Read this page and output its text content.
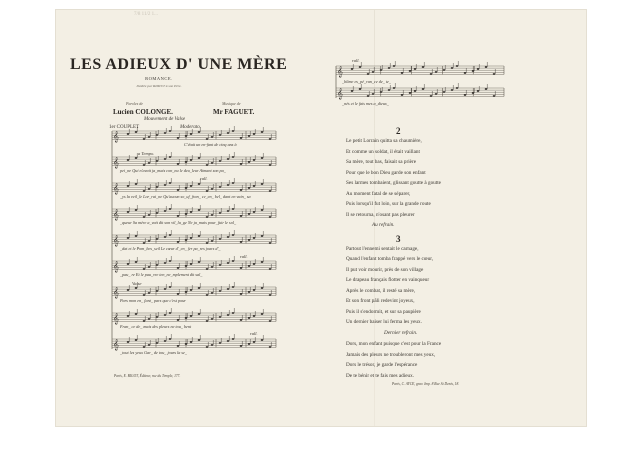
7/8 11/2 1...
LES ADIEUX D' UNE MÈRE
ROMANCE.
Dédiée par RIMIUT à son Père.
Paroles de
Lucien COLONGE.
Musique de
Mr FAGUET.
Mouvement de Valse
1er COUPLET	Moderato.
C'était un en-fant de cinq ans à
pei_ne Qui n'avait ja_mais con_nu le deu_leur Aimant son pa_
_ys la veil_le Lor_rai_ne Qu'aucun so_uf_fran_ ce_en_ bel_ dant en vain_ sa
_queur Sa mère a_vait dit son vil_la_ge Ne ja_mais pour_fuir le sol_
_dat et le Pom_bes_seil Le cœur d'_en_ fer pa_res joars d'_
_pau_ re Et le pau_vre ten_ne_mplement dit sal_
Pars mon en_ fant_ pars que c'est pour
Fran_ ce de_ mais des pleurs ne tou_ bent
_tout les yeux Gar_ de tou_ jours la se_
a Tempo.
rall.
rall.
Valse
rall.
Paris, E. BIGOT, Éditeur, rue du Temple, 177.
_blime es_pé_ran_ce de_ te_
_nés et le fais mes a_dieux_
rall.
2
Le petit Lorrain quitta sa chaumière,
Et comme un soldat, il était vaillant
Sa mère, tout bas, faisait sa prière
Pour que le bon Dieu garde son enfant
Ses larmes tombaient, glissant goutte à goutte
Au moment fatal de se séparer,
Puis lorsqu'il fut loin, sur la grande route
Il se retourna, n'osant pas pleurer
Au refrain.
3
Partout l'ennemi sentait le carnage,
Quand l'enfant tomba frappé vers le cœur,
Il put voir mourir, près de son village
Le drapeau français flotter en vainqueur
Après le combat, il resté sa mère,
Et son front pâli redevint joyeux,
Puis il s'endormit, et sur sa paupière
Un dernier baiser lui ferma les yeux.
Dernier refrain.
Dors, mon enfant puisque c'est pour la France
Jamais des pleurs ne troubleront mes yeux,
Dors le trésor, je garde l'espérance
De te bénir et te fais mes adieux.
Paris, C. AYCE, grav. Imp. 8 Rue St Denis, 18.
𝄞
𝄞
𝄞
𝄞
𝄞
𝄞
𝄞
𝄞
𝄞
𝄞
𝄞
